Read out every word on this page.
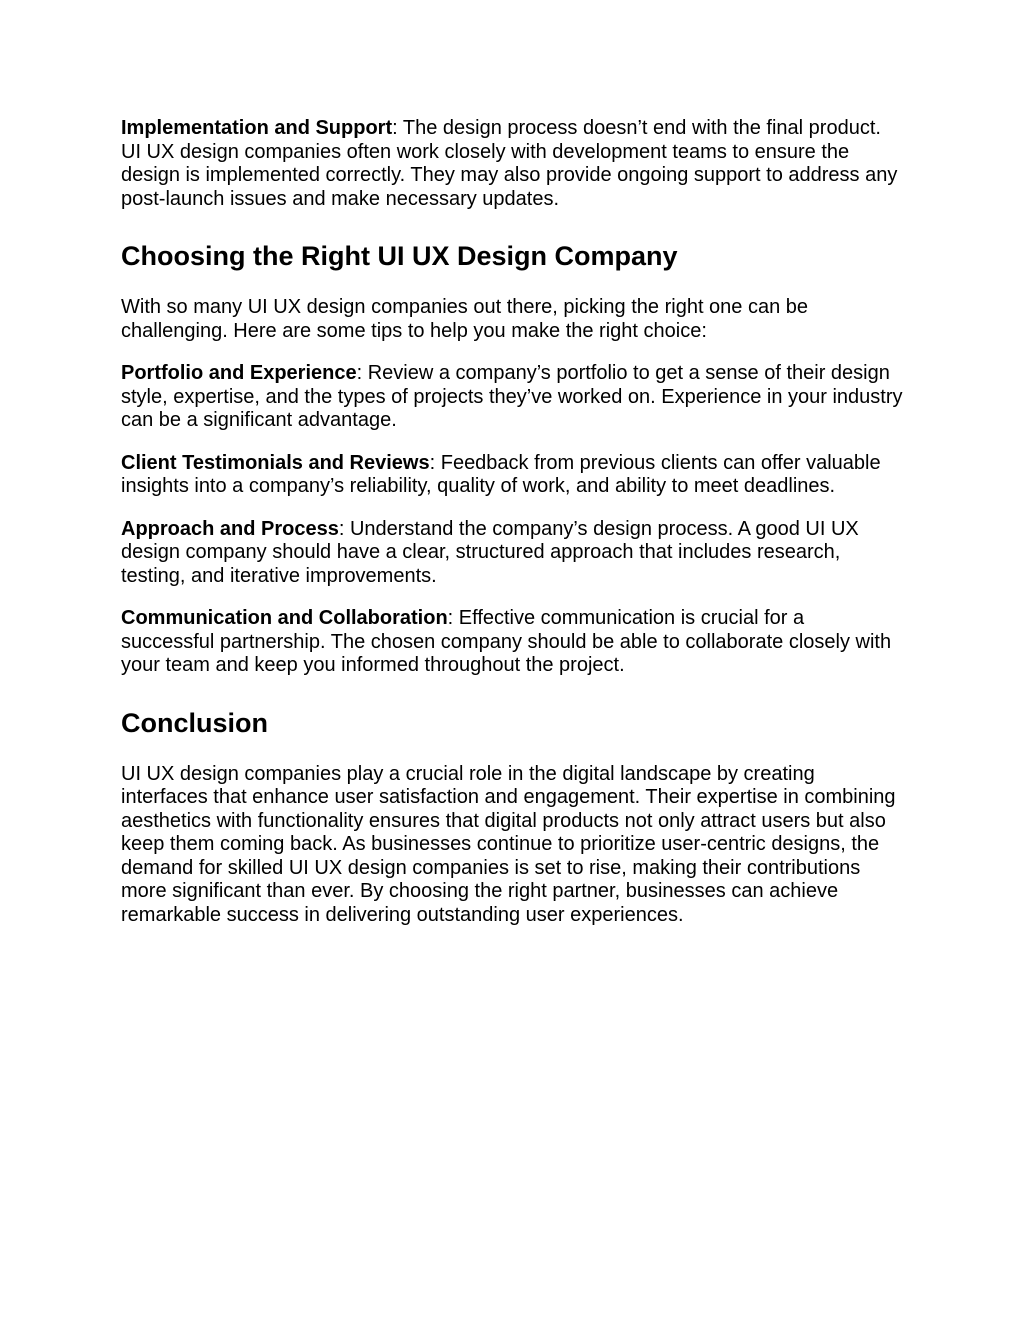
Implementation and Support: The design process doesn’t end with the final product. UI UX design companies often work closely with development teams to ensure the design is implemented correctly. They may also provide ongoing support to address any post-launch issues and make necessary updates.

Choosing the Right UI UX Design Company

With so many UI UX design companies out there, picking the right one can be challenging. Here are some tips to help you make the right choice:

Portfolio and Experience: Review a company’s portfolio to get a sense of their design style, expertise, and the types of projects they’ve worked on. Experience in your industry can be a significant advantage.

Client Testimonials and Reviews: Feedback from previous clients can offer valuable insights into a company’s reliability, quality of work, and ability to meet deadlines.

Approach and Process: Understand the company’s design process. A good UI UX design company should have a clear, structured approach that includes research, testing, and iterative improvements.

Communication and Collaboration: Effective communication is crucial for a successful partnership. The chosen company should be able to collaborate closely with your team and keep you informed throughout the project.

Conclusion

UI UX design companies play a crucial role in the digital landscape by creating interfaces that enhance user satisfaction and engagement. Their expertise in combining aesthetics with functionality ensures that digital products not only attract users but also keep them coming back. As businesses continue to prioritize user-centric designs, the demand for skilled UI UX design companies is set to rise, making their contributions more significant than ever. By choosing the right partner, businesses can achieve remarkable success in delivering outstanding user experiences.
